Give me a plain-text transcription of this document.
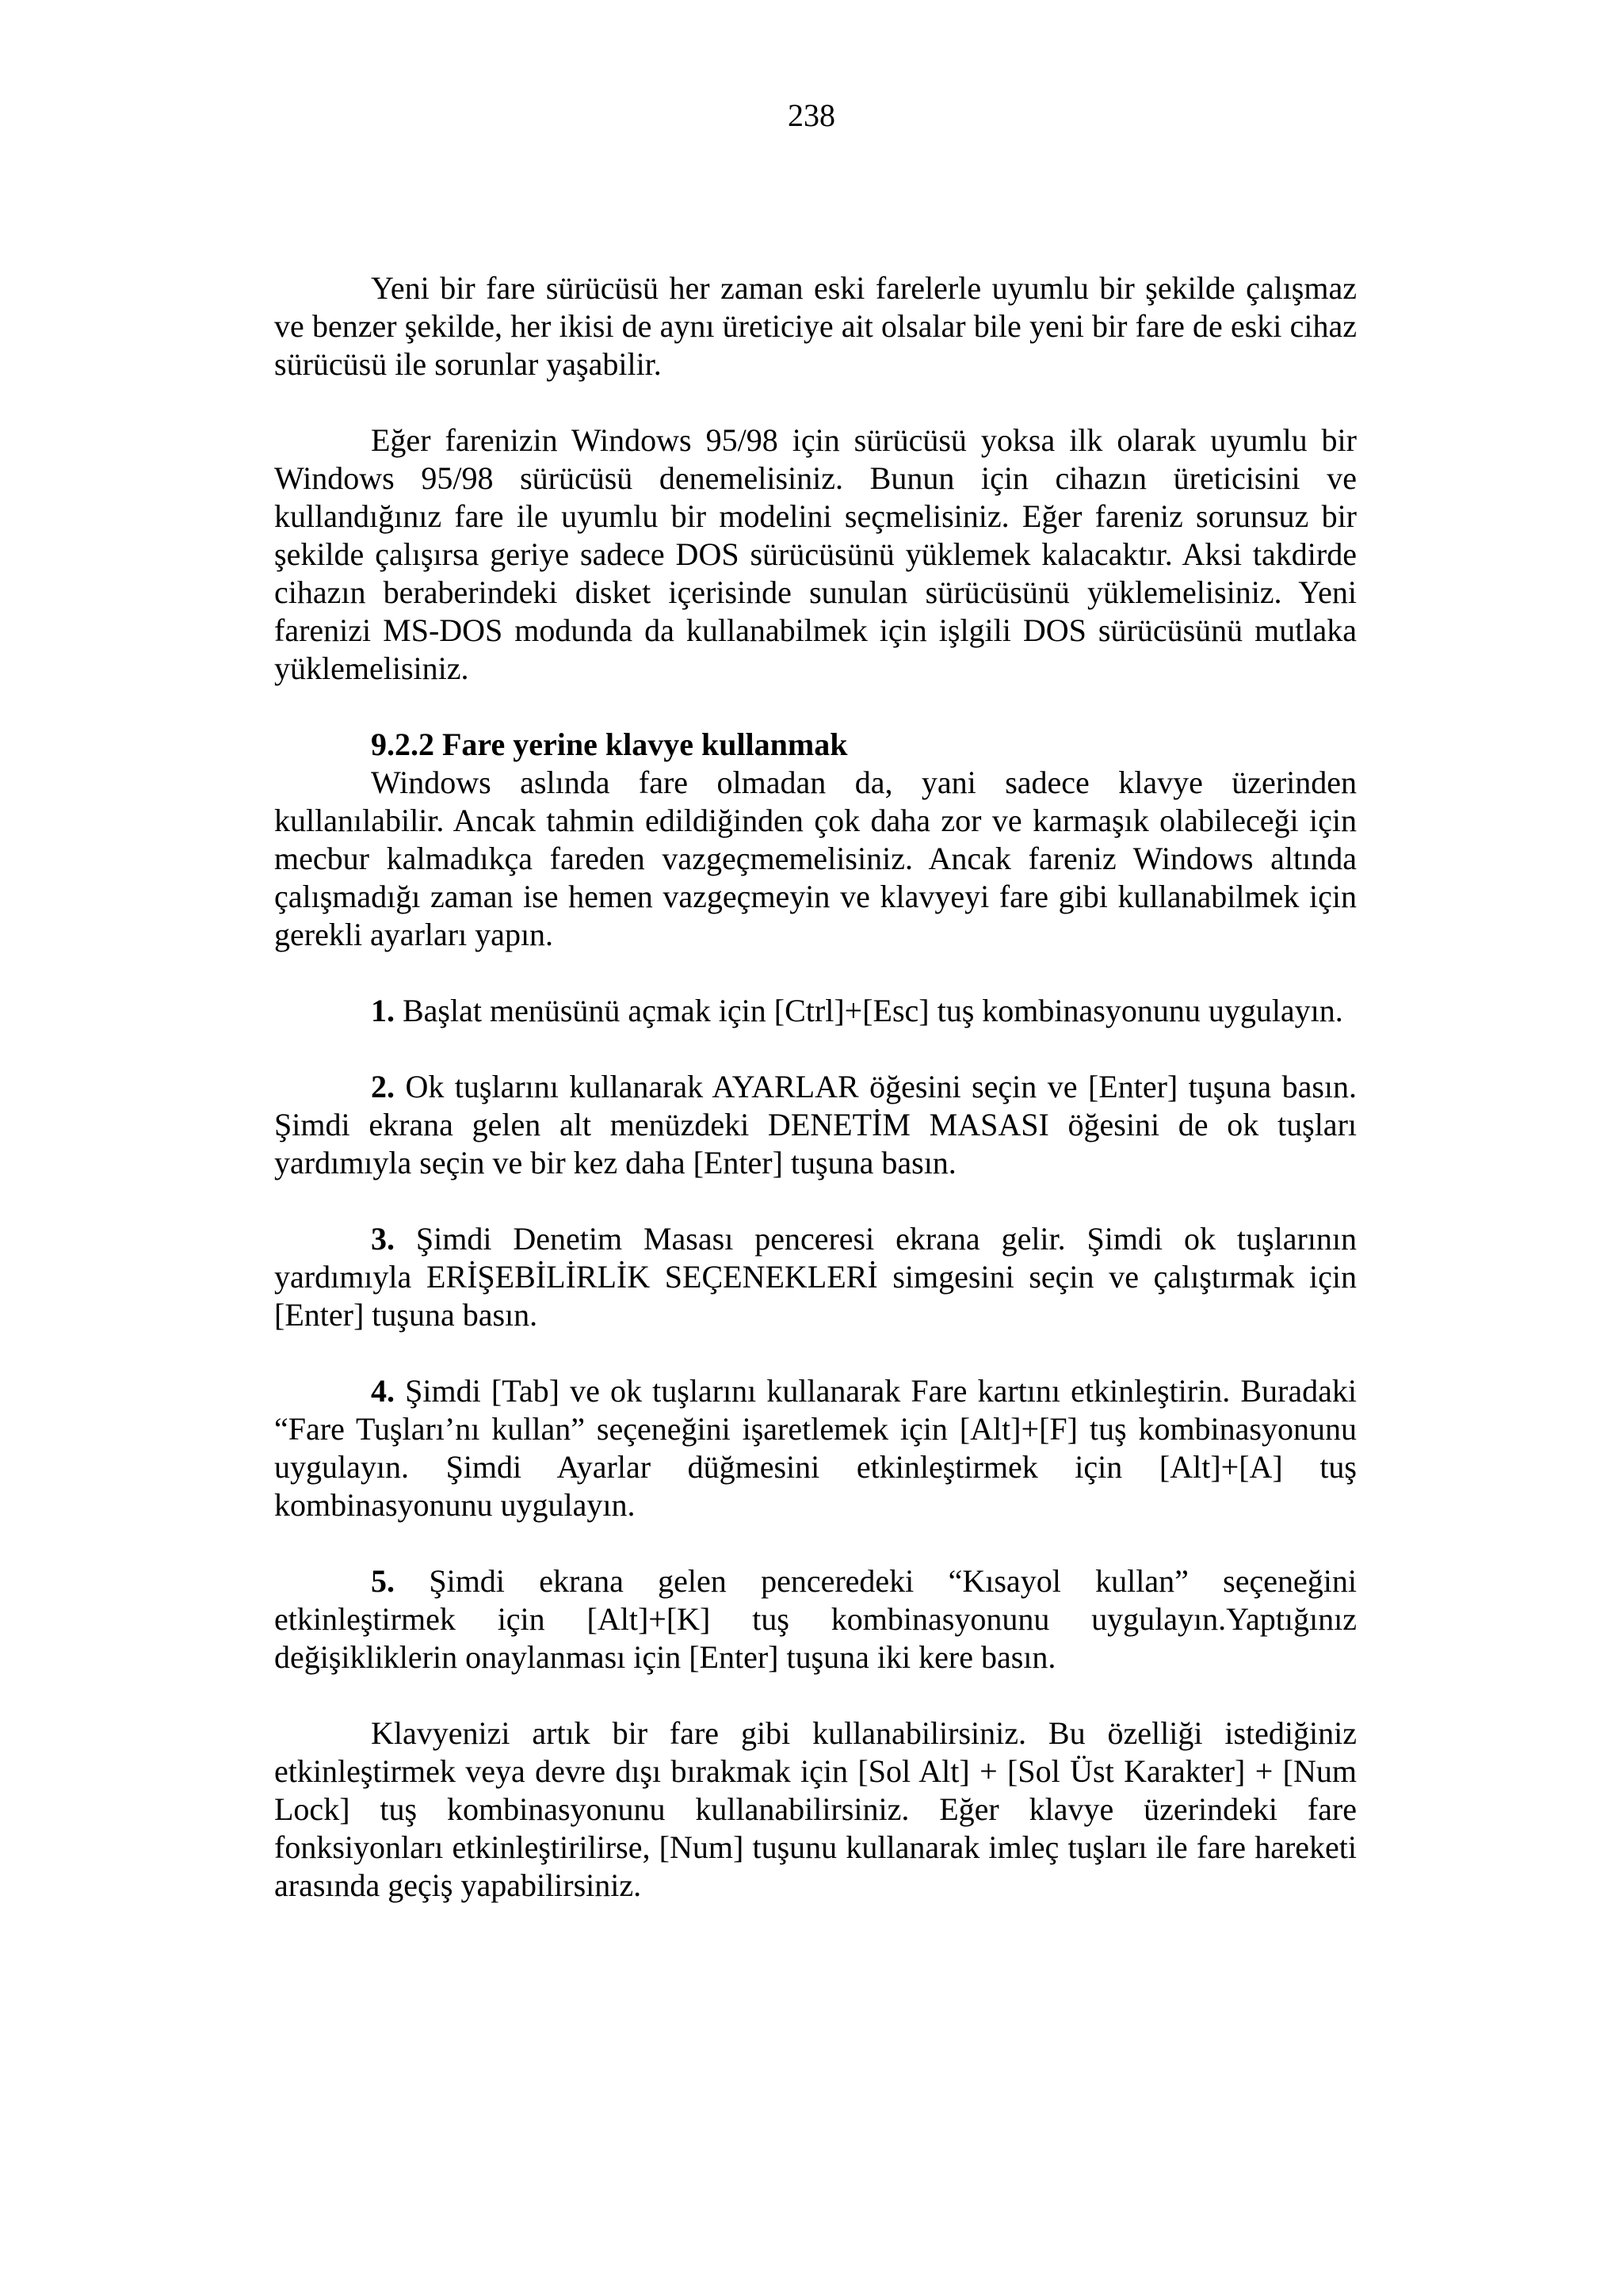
238

Yeni bir fare sürücüsü her zaman eski farelerle uyumlu bir şekilde çalışmaz ve benzer şekilde, her ikisi de aynı üreticiye ait olsalar bile yeni bir fare de eski cihaz sürücüsü ile sorunlar yaşabilir.

Eğer farenizin Windows 95/98 için sürücüsü yoksa ilk olarak uyumlu bir Windows 95/98 sürücüsü denemelisiniz. Bunun için cihazın üreticisini ve kullandığınız fare ile uyumlu bir modelini seçmelisiniz. Eğer fareniz sorunsuz bir şekilde çalışırsa geriye sadece DOS sürücüsünü yüklemek kalacaktır. Aksi takdirde cihazın beraberindeki disket içerisinde sunulan sürücüsünü yüklemelisiniz. Yeni farenizi MS-DOS modunda da kullanabilmek için işlgili DOS sürücüsünü mutlaka yüklemelisiniz.

9.2.2 Fare yerine klavye kullanmak

Windows aslında fare olmadan da, yani sadece klavye üzerinden kullanılabilir. Ancak tahmin edildiğinden çok daha zor ve karmaşık olabileceği için mecbur kalmadıkça fareden vazgeçmemelisiniz. Ancak fareniz Windows altında çalışmadığı zaman ise hemen vazgeçmeyin ve klavyeyi fare gibi kullanabilmek için gerekli ayarları yapın.

1. Başlat menüsünü açmak için [Ctrl]+[Esc] tuş kombinasyonunu uygulayın.

2. Ok tuşlarını kullanarak AYARLAR öğesini seçin ve [Enter] tuşuna basın. Şimdi ekrana gelen alt menüzdeki DENETİM MASASI öğesini de ok tuşları yardımıyla seçin ve bir kez daha [Enter] tuşuna basın.

3. Şimdi Denetim Masası penceresi ekrana gelir. Şimdi ok tuşlarının yardımıyla ERİŞEBİLİRLİK SEÇENEKLERİ simgesini seçin ve çalıştırmak için [Enter] tuşuna basın.

4. Şimdi [Tab] ve ok tuşlarını kullanarak Fare kartını etkinleştirin. Buradaki “Fare Tuşları’nı kullan” seçeneğini işaretlemek için [Alt]+[F] tuş kombinasyonunu uygulayın. Şimdi Ayarlar düğmesini etkinleştirmek için [Alt]+[A] tuş kombinasyonunu uygulayın.

5. Şimdi ekrana gelen penceredeki “Kısayol kullan” seçeneğini etkinleştirmek için [Alt]+[K] tuş kombinasyonunu uygulayın.Yaptığınız değişikliklerin onaylanması için [Enter] tuşuna iki kere basın.

Klavyenizi artık bir fare gibi kullanabilirsiniz. Bu özelliği istediğiniz etkinleştirmek veya devre dışı bırakmak için [Sol Alt] + [Sol Üst Karakter] + [Num Lock] tuş kombinasyonunu kullanabilirsiniz. Eğer klavye üzerindeki fare fonksiyonları etkinleştirilirse, [Num] tuşunu kullanarak imleç tuşları ile fare hareketi arasında geçiş yapabilirsiniz.
